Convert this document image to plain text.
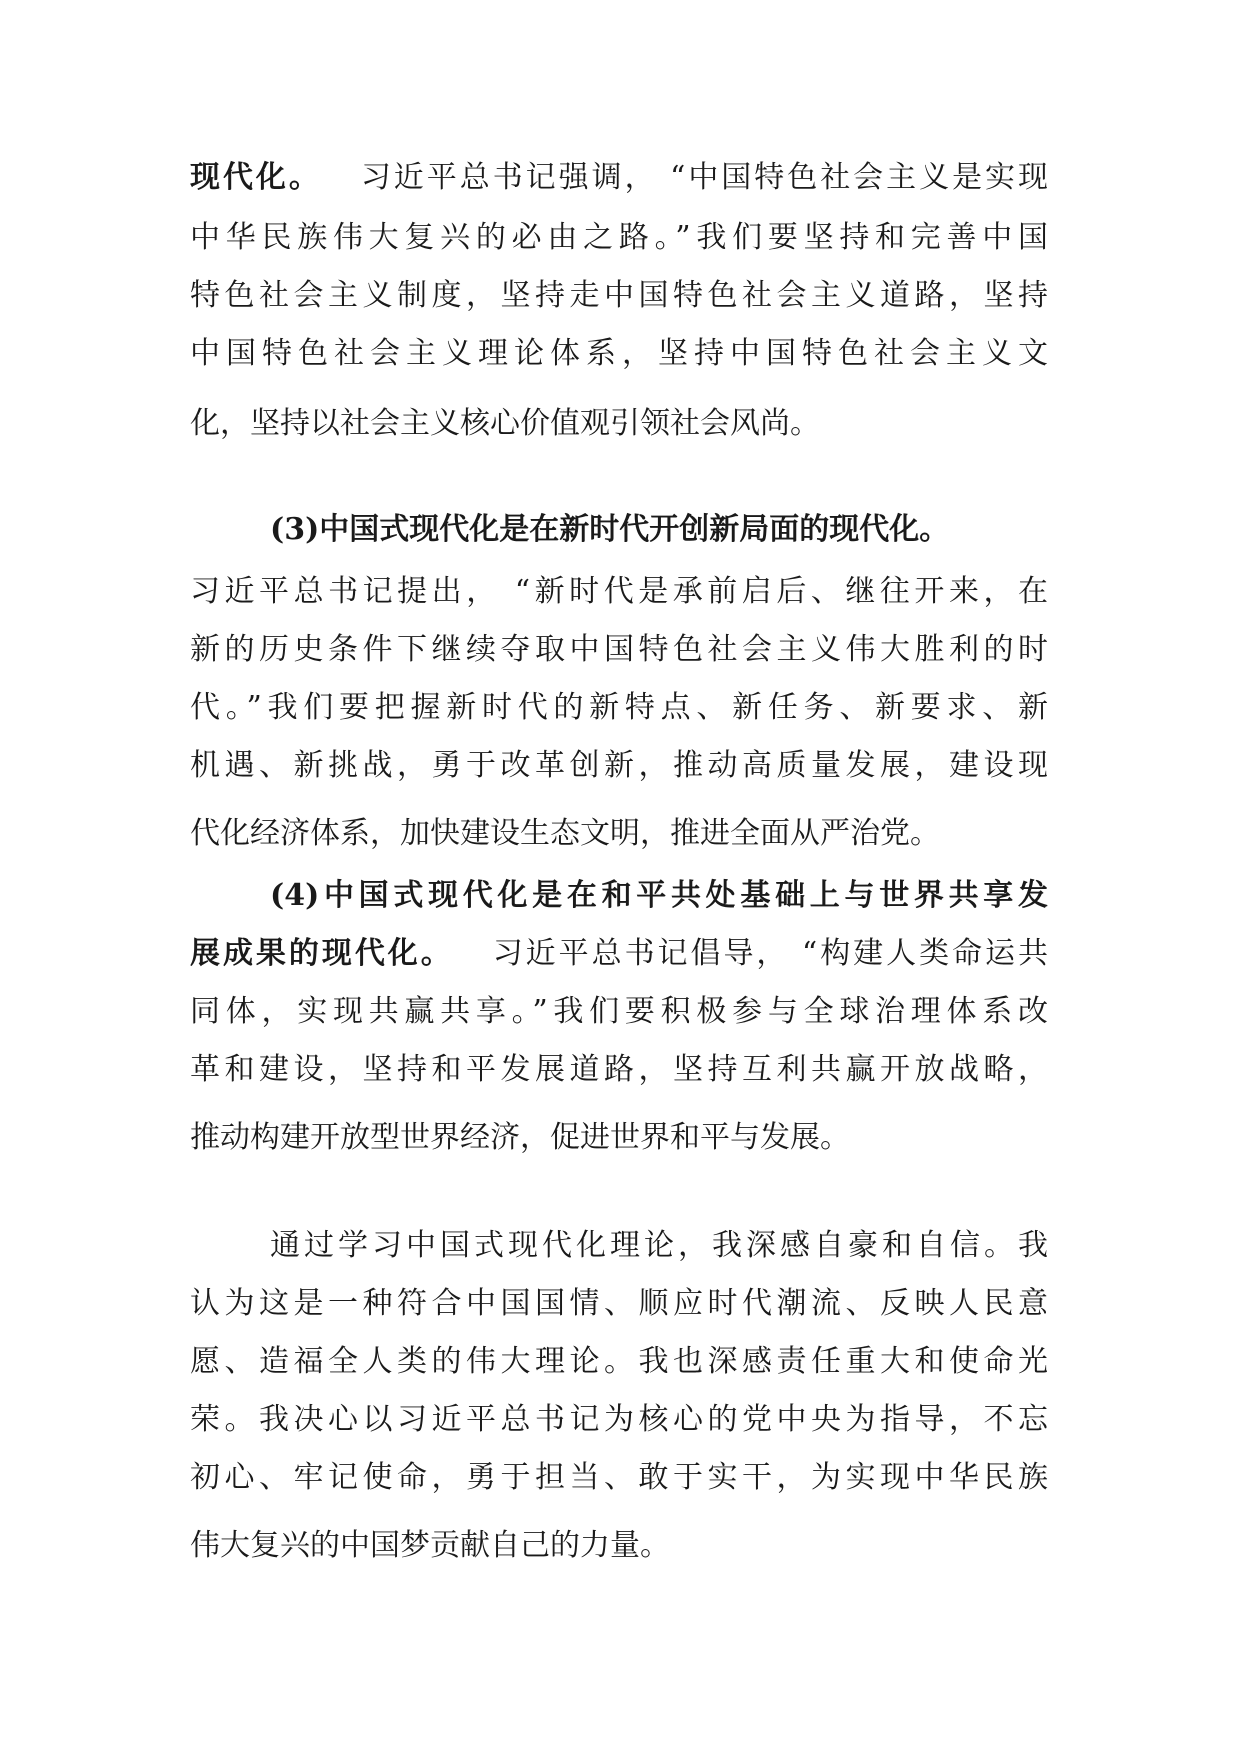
现代化。 习近平总书记强调， “中国特色社会主义是实现
中华民族伟大复兴的必由之路。”我们要坚持和完善中国
特色社会主义制度，坚持走中国特色社会主义道路，坚持
中国特色社会主义理论体系，坚持中国特色社会主义文
化，坚持以社会主义核心价值观引领社会风尚。
(3)中国式现代化是在新时代开创新局面的现代化。
习近平总书记提出， “新时代是承前启后、继往开来，在
新的历史条件下继续夺取中国特色社会主义伟大胜利的时
代。”我们要把握新时代的新特点、新任务、新要求、新
机遇、新挑战，勇于改革创新，推动高质量发展，建设现
代化经济体系，加快建设生态文明，推进全面从严治党。
(4)中国式现代化是在和平共处基础上与世界共享发
展成果的现代化。 习近平总书记倡导， “构建人类命运共
同体，实现共赢共享。”我们要积极参与全球治理体系改
革和建设，坚持和平发展道路，坚持互利共赢开放战略，
推动构建开放型世界经济，促进世界和平与发展。
通过学习中国式现代化理论，我深感自豪和自信。我
认为这是一种符合中国国情、顺应时代潮流、反映人民意
愿、造福全人类的伟大理论。我也深感责任重大和使命光
荣。我决心以习近平总书记为核心的党中央为指导，不忘
初心、牢记使命，勇于担当、敢于实干，为实现中华民族
伟大复兴的中国梦贡献自己的力量。
